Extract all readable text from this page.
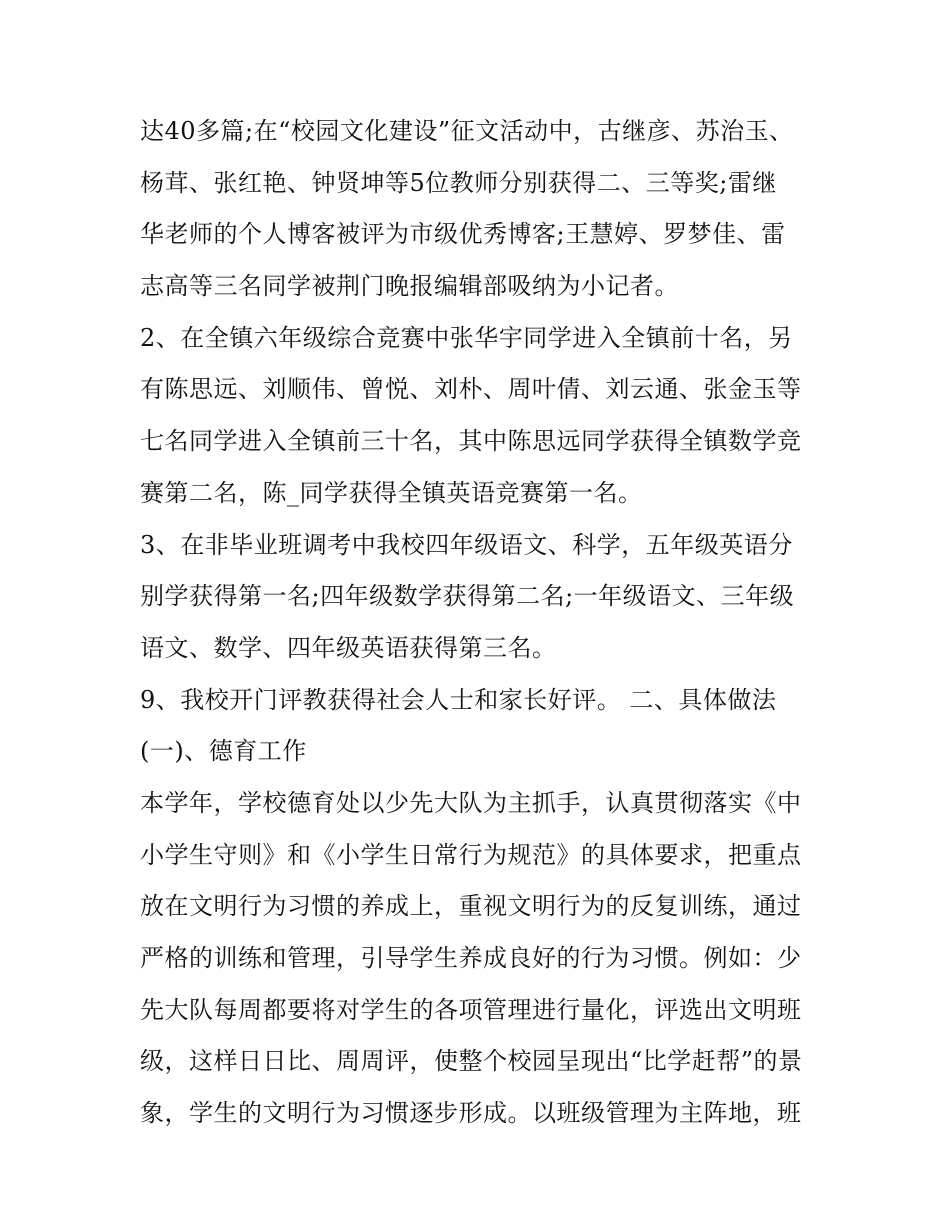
达40多篇;在“校园文化建设”征文活动中，古继彦、苏治玉、
杨茸、张红艳、钟贤坤等5位教师分别获得二、三等奖;雷继
华老师的个人博客被评为市级优秀博客;王慧婷、罗梦佳、雷
志高等三名同学被荆门晚报编辑部吸纳为小记者。
2、在全镇六年级综合竞赛中张华宇同学进入全镇前十名，另
有陈思远、刘顺伟、曾悦、刘朴、周叶倩、刘云通、张金玉等
七名同学进入全镇前三十名，其中陈思远同学获得全镇数学竞
赛第二名，陈_同学获得全镇英语竞赛第一名。
3、在非毕业班调考中我校四年级语文、科学，五年级英语分
别学获得第一名;四年级数学获得第二名;一年级语文、三年级
语文、数学、四年级英语获得第三名。
9、我校开门评教获得社会人士和家长好评。 二、具体做法
(一)、德育工作
本学年，学校德育处以少先大队为主抓手，认真贯彻落实《中
小学生守则》和《小学生日常行为规范》的具体要求，把重点
放在文明行为习惯的养成上，重视文明行为的反复训练，通过
严格的训练和管理，引导学生养成良好的行为习惯。例如：少
先大队每周都要将对学生的各项管理进行量化，评选出文明班
级，这样日日比、周周评，使整个校园呈现出“比学赶帮”的景
象，学生的文明行为习惯逐步形成。以班级管理为主阵地，班
